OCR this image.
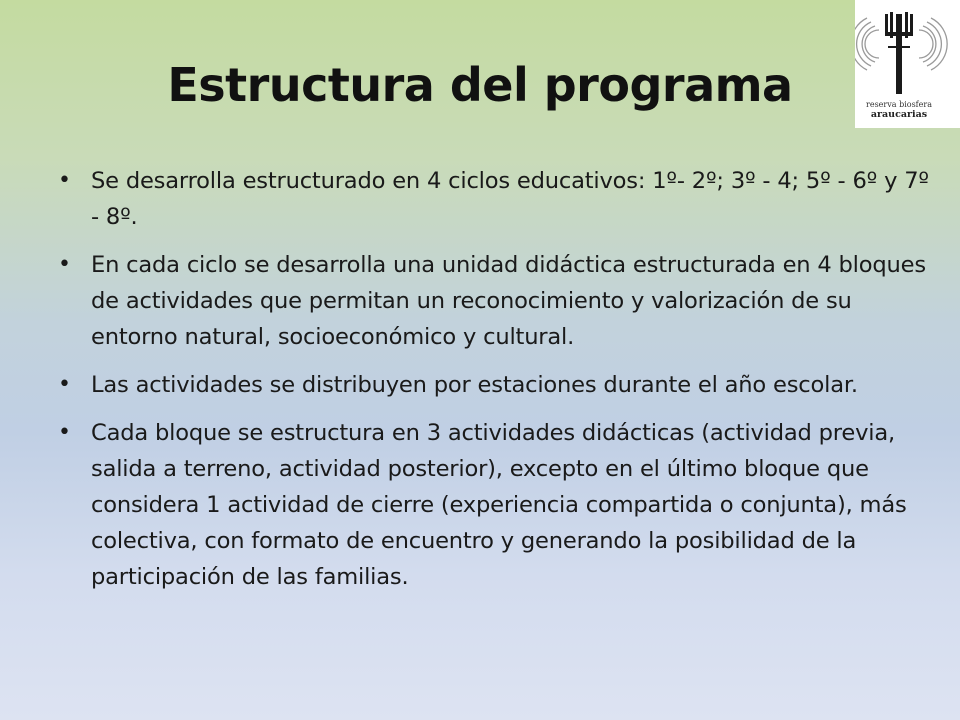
Estructura del programa	reserva biosfera
araucarias
• Se desarrolla estructurado en 4 ciclos educativos: 1º- 2º; 3º - 4; 5º - 6º y 7º - 8º.
• En cada ciclo se desarrolla una unidad didáctica estructurada en 4 bloques de actividades que permitan un reconocimiento y valorización de su entorno natural, socioeconómico y cultural.
• Las actividades se distribuyen por estaciones durante el año escolar.
• Cada bloque se estructura en 3 actividades didácticas (actividad previa, salida a terreno, actividad posterior), excepto en el último bloque que considera 1 actividad de cierre (experiencia compartida o conjunta), más colectiva, con formato de encuentro y generando la posibilidad de la participación de las familias.
